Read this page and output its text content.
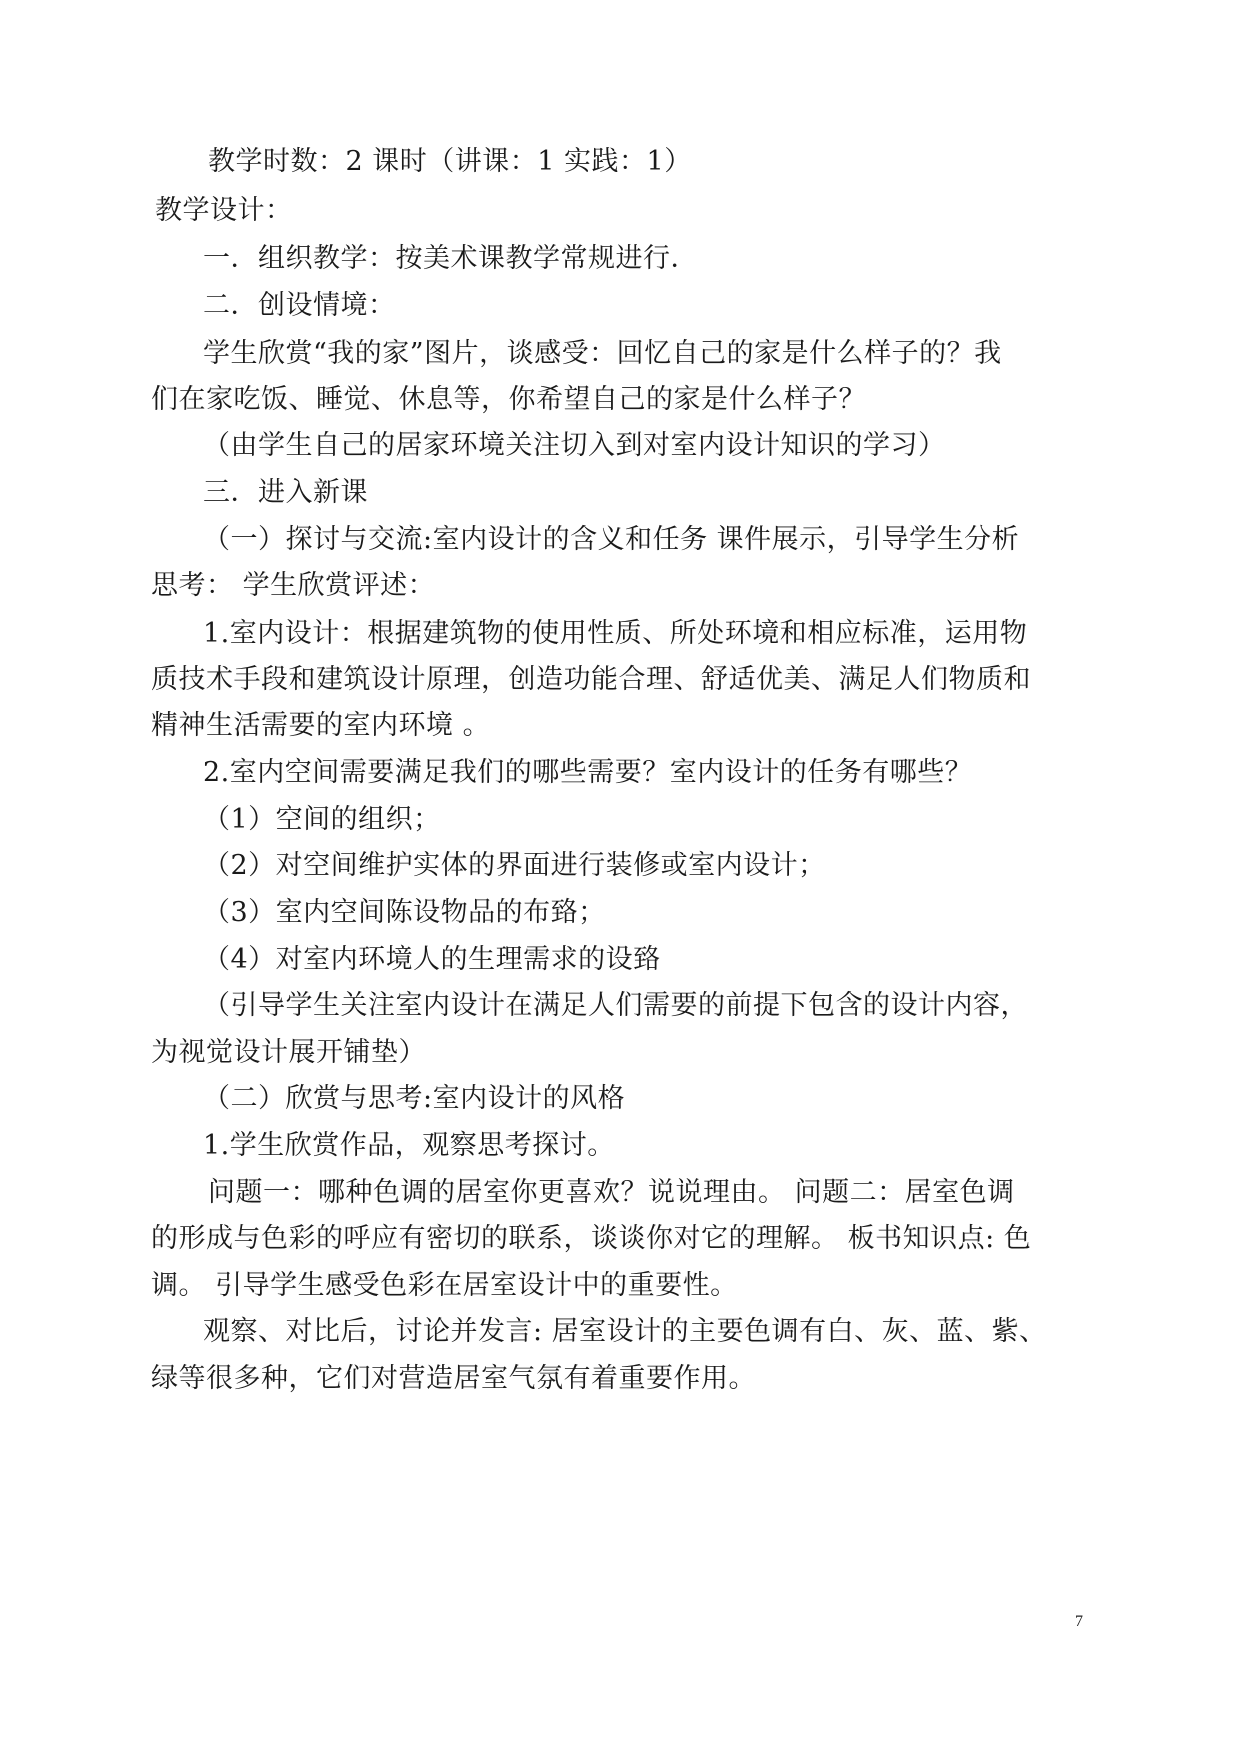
教学时数：2 课时（讲课：1 实践：1）
教学设计：
一．组织教学：按美术课教学常规进行．
二．创设情境：
学生欣赏“我的家”图片，谈感受：回忆自己的家是什么样子的？我
们在家吃饭、睡觉、休息等，你希望自己的家是什么样子？
（由学生自己的居家环境关注切入到对室内设计知识的学习）
三．进入新课
（一）探讨与交流:室内设计的含义和任务 课件展示，引导学生分析
思考： 学生欣赏评述：
1.室内设计：根据建筑物的使用性质、所处环境和相应标准，运用物
质技术手段和建筑设计原理，创造功能合理、舒适优美、满足人们物质和
精神生活需要的室内环境 。
2.室内空间需要满足我们的哪些需要？室内设计的任务有哪些？
（1）空间的组织；
（2）对空间维护实体的界面进行装修或室内设计；
（3）室内空间陈设物品的布臵；
（4）对室内环境人的生理需求的设臵
（引导学生关注室内设计在满足人们需要的前提下包含的设计内容，
为视觉设计展开铺垫）
（二）欣赏与思考:室内设计的风格
1.学生欣赏作品，观察思考探讨。
问题一：哪种色调的居室你更喜欢？说说理由。 问题二：居室色调
的形成与色彩的呼应有密切的联系，谈谈你对它的理解。 板书知识点: 色
调。 引导学生感受色彩在居室设计中的重要性。
观察、对比后，讨论并发言: 居室设计的主要色调有白、灰、蓝、紫、
绿等很多种，它们对营造居室气氛有着重要作用。
7
